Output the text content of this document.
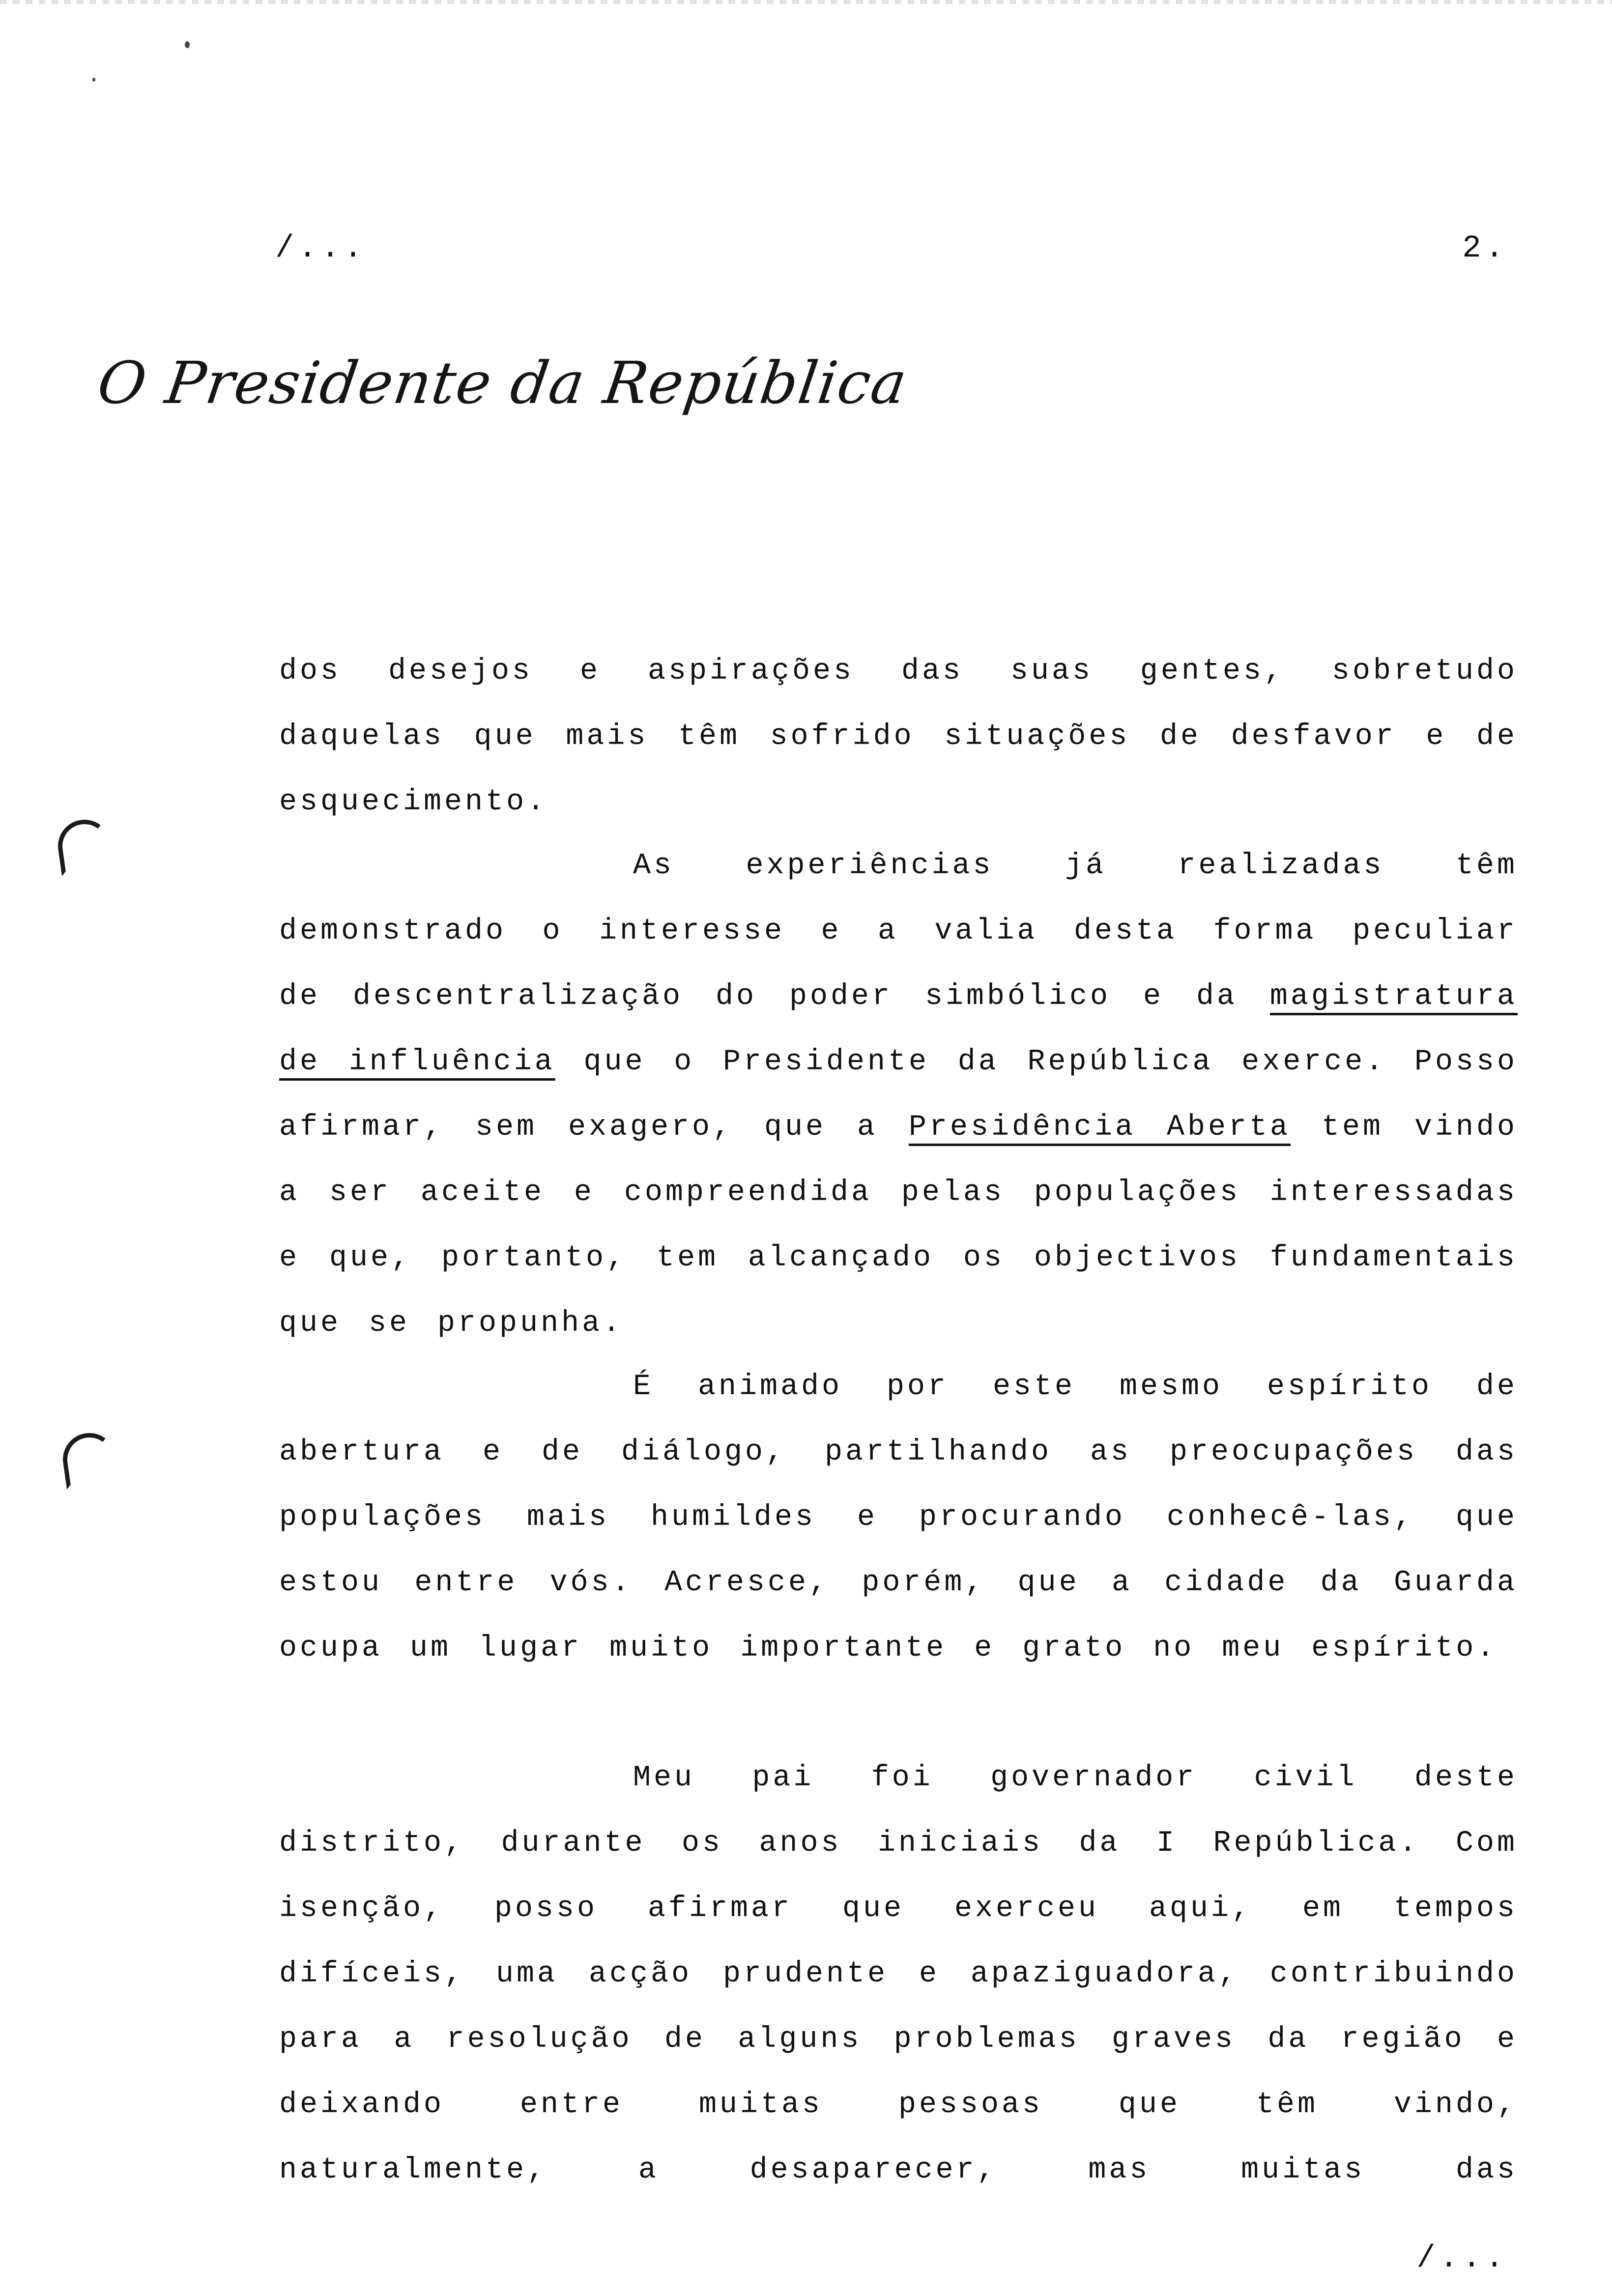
/...	2.
O Presidente da República

dos desejos e aspirações das suas gentes, sobretudo daquelas que mais têm sofrido situações de desfavor e de esquecimento.

As experiências já realizadas têm demonstrado o interesse e a valia desta forma peculiar de descentralização do poder simbólico e da magistratura de influência que o Presidente da República exerce. Posso afirmar, sem exagero, que a Presidência Aberta tem vindo a ser aceite e compreendida pelas populações interessadas e que, portanto, tem alcançado os objectivos fundamentais que se propunha.

É animado por este mesmo espírito de abertura e de diálogo, partilhando as preocupações das populações mais humildes e procurando conhecê-las, que estou entre vós. Acresce, porém, que a cidade da Guarda ocupa um lugar muito importante e grato no meu espírito.

Meu pai foi governador civil deste distrito, durante os anos iniciais da I República. Com isenção, posso afirmar que exerceu aqui, em tempos difíceis, uma acção prudente e apaziguadora, contribuindo para a resolução de alguns problemas graves da região e deixando entre muitas pessoas que têm vindo, naturalmente, a desaparecer, mas muitas das

/...
